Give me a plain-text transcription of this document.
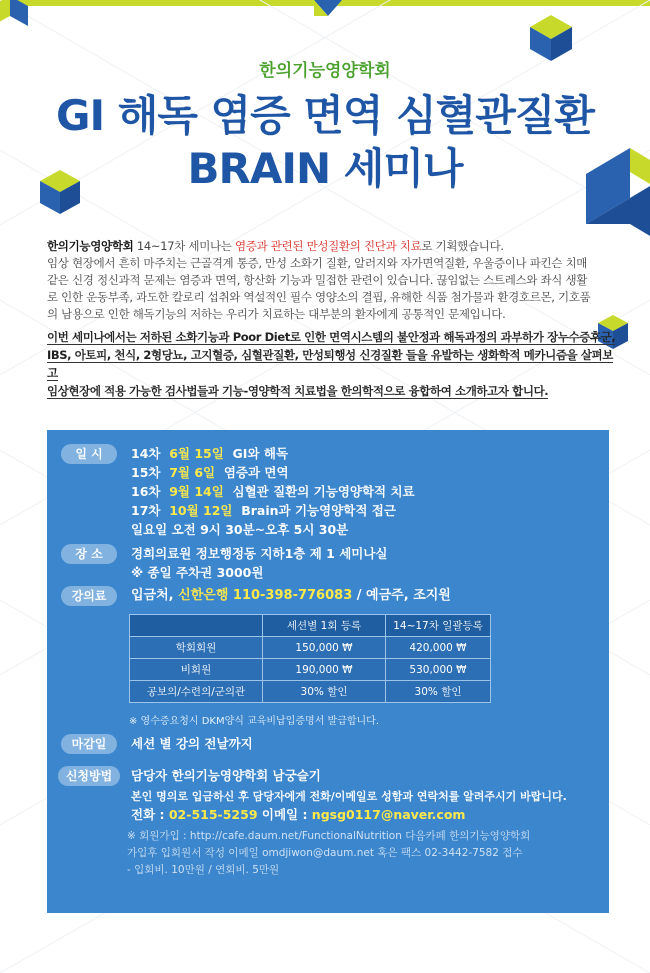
한의기능영양학회
GI 해독 염증 면역 심혈관질환
BRAIN 세미나
한의기능영양학회 14~17차 세미나는 염증과 관련된 만성질환의 진단과 치료로 기획했습니다.
임상 현장에서 흔히 마주치는 근골격계 통증, 만성 소화기 질환, 알러지와 자가면역질환, 우울증이나 파킨슨 치매
같은 신경 정신과적 문제는 염증과 면역, 항산화 기능과 밀접한 관련이 있습니다. 끊임없는 스트레스와 좌식 생활
로 인한 운동부족, 과도한 칼로리 섭취와 역설적인 필수 영양소의 결핍, 유해한 식품 첨가물과 환경호르몬, 기호품
의 남용으로 인한 해독기능의 저하는 우리가 치료하는 대부분의 환자에게 공통적인 문제입니다.
이번 세미나에서는 저하된 소화기능과 Poor Diet로 인한 면역시스템의 불안정과 해독과정의 과부하가 장누수증후군,
IBS, 아토피, 천식, 2형당뇨, 고지혈증, 심혈관질환, 만성퇴행성 신경질환 들을 유발하는 생화학적 메카니즘을 살펴보고
임상현장에 적용 가능한 검사법들과 기능-영양학적 치료법을 한의학적으로 융합하여 소개하고자 합니다.
일 시	14차 6월 15일 GI와 해독
15차 7월 6일 염증과 면역
16차 9월 14일 심혈관 질환의 기능영양학적 치료
17차 10월 12일 Brain과 기능영양학적 접근
일요일 오전 9시 30분~오후 5시 30분
장 소	경희의료원 정보행정동 지하1층 제 1 세미나실
※ 종일 주차권 3000원
강의료	입금처, 신한은행 110-398-776083 / 예금주, 조지원
	세션별 1회 등록	14~17차 일괄등록
학회회원	150,000 ₩	420,000 ₩
비회원	190,000 ₩	530,000 ₩
공보의/수련의/군의관	30% 할인	30% 할인
※ 영수증요청시 DKM양식 교육비납입증명서 발급합니다.
마감일	세션 별 강의 전날까지
신청방법	담당자 한의기능영양학회 남궁슬기
본인 명의로 입금하신 후 담당자에게 전화/이메일로 성함과 연락처를 알려주시기 바랍니다.
전화 : 02-515-5259 이메일 : ngsg0117@naver.com
※ 회원가입 : http://cafe.daum.net/FunctionalNutrition 다음카페 한의기능영양학회
가입후 입회원서 작성 이메일 omdjiwon@daum.net 혹은 팩스 02-3442-7582 접수
- 입회비. 10만원 / 연회비. 5만원
